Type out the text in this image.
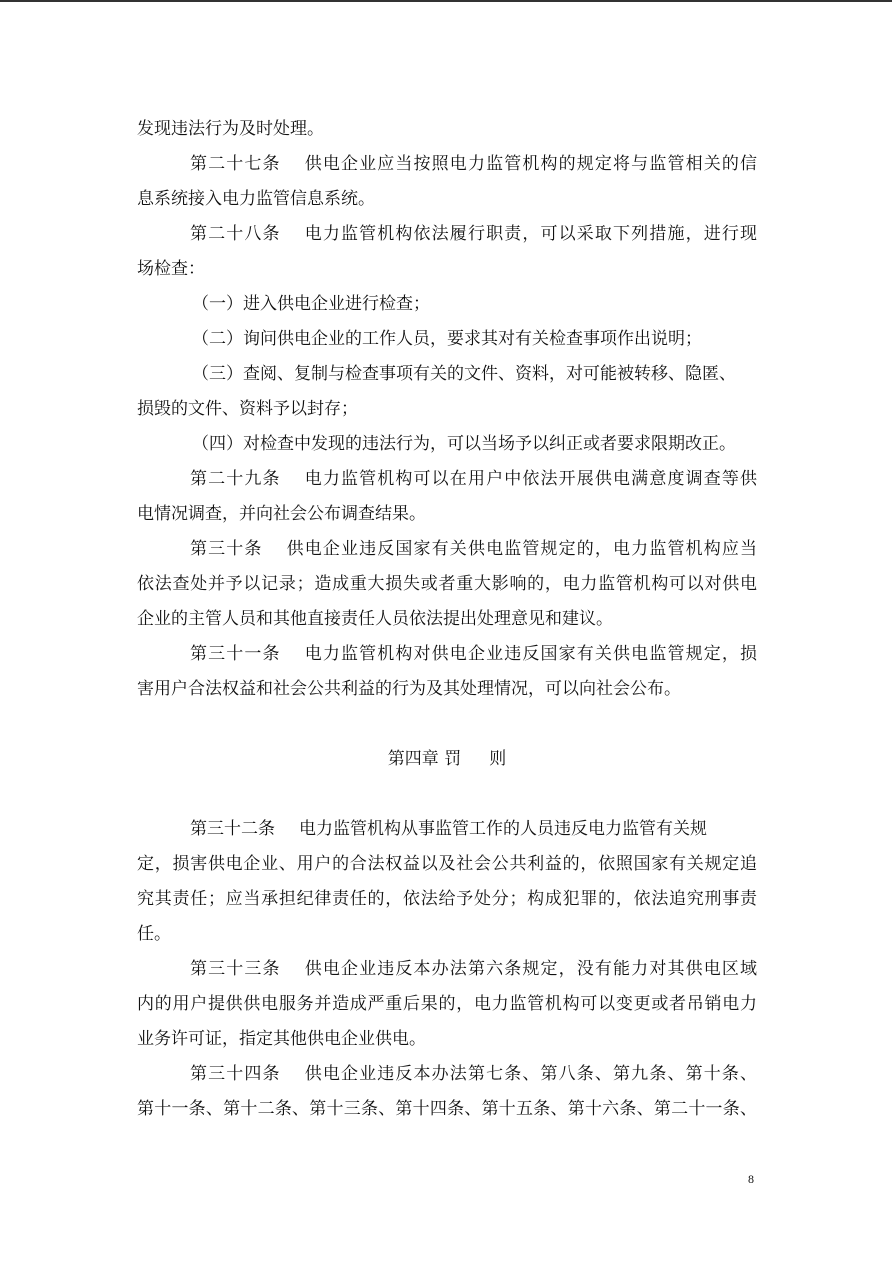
发现违法行为及时处理。
第二十七条 供电企业应当按照电力监管机构的规定将与监管相关的信
息系统接入电力监管信息系统。
第二十八条 电力监管机构依法履行职责，可以采取下列措施，进行现
场检查：
（一）进入供电企业进行检查；
（二）询问供电企业的工作人员，要求其对有关检查事项作出说明；
（三）查阅、复制与检查事项有关的文件、资料，对可能被转移、隐匿、
损毁的文件、资料予以封存；
（四）对检查中发现的违法行为，可以当场予以纠正或者要求限期改正。
第二十九条 电力监管机构可以在用户中依法开展供电满意度调查等供
电情况调查，并向社会公布调查结果。
第三十条 供电企业违反国家有关供电监管规定的，电力监管机构应当
依法查处并予以记录；造成重大损失或者重大影响的，电力监管机构可以对供电
企业的主管人员和其他直接责任人员依法提出处理意见和建议。
第三十一条 电力监管机构对供电企业违反国家有关供电监管规定，损
害用户合法权益和社会公共利益的行为及其处理情况，可以向社会公布。
第四章 罚 则
第三十二条 电力监管机构从事监管工作的人员违反电力监管有关规
定，损害供电企业、用户的合法权益以及社会公共利益的，依照国家有关规定追
究其责任；应当承担纪律责任的，依法给予处分；构成犯罪的，依法追究刑事责
任。
第三十三条 供电企业违反本办法第六条规定，没有能力对其供电区域
内的用户提供供电服务并造成严重后果的，电力监管机构可以变更或者吊销电力
业务许可证，指定其他供电企业供电。
第三十四条 供电企业违反本办法第七条、第八条、第九条、第十条、
第十一条、第十二条、第十三条、第十四条、第十五条、第十六条、第二十一条、
8
